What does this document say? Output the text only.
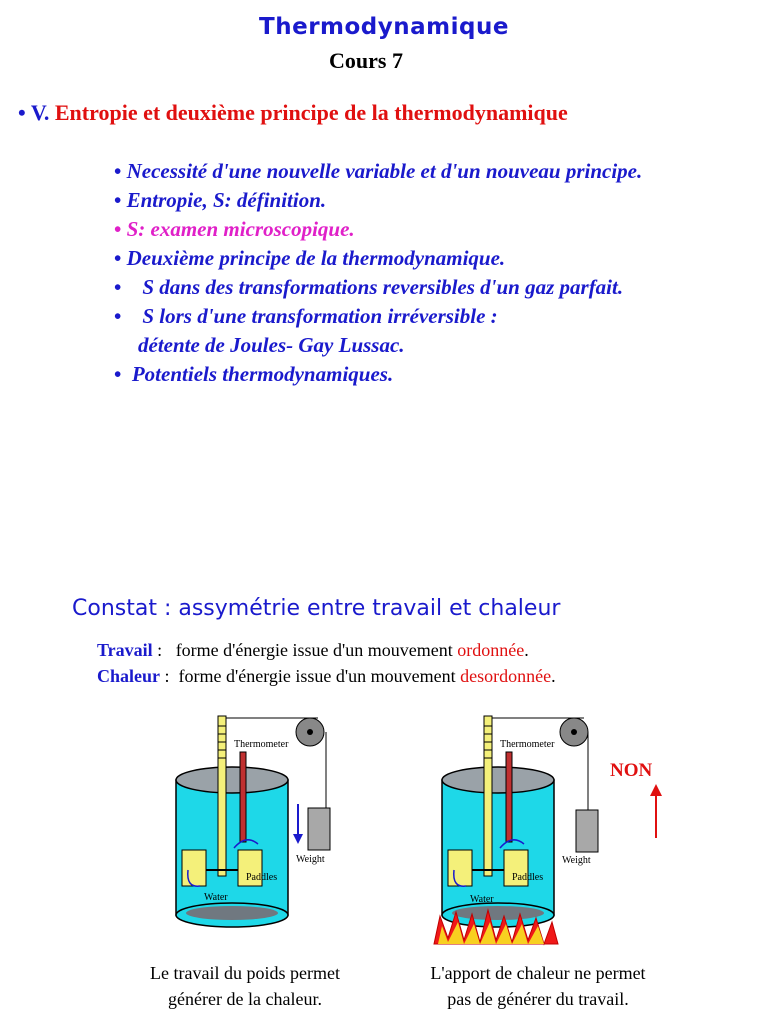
Thermodynamique
Cours 7
• V. Entropie et deuxième principe de la thermodynamique
• Necessité d'une nouvelle variable et d'un nouveau principe.
• Entropie, S: définition.
• S: examen microscopique.
• Deuxième principe de la thermodynamique.
• S dans des transformations reversibles d'un gaz parfait.
• S lors d'une transformation irréversible :
détente de Joules- Gay Lussac.
• Potentiels thermodynamiques.
Constat : assymétrie entre travail et chaleur
Travail :   forme d'énergie issue d'un mouvement ordonnée.
Chaleur :  forme d'énergie issue d'un mouvement desordonnée.
Thermometer
Weight
Paddles
Water
Thermometer
Weight
Paddles
Water
NON
Le travail du poids permet
générer de la chaleur.
L'apport de chaleur ne permet
pas de générer du travail.
